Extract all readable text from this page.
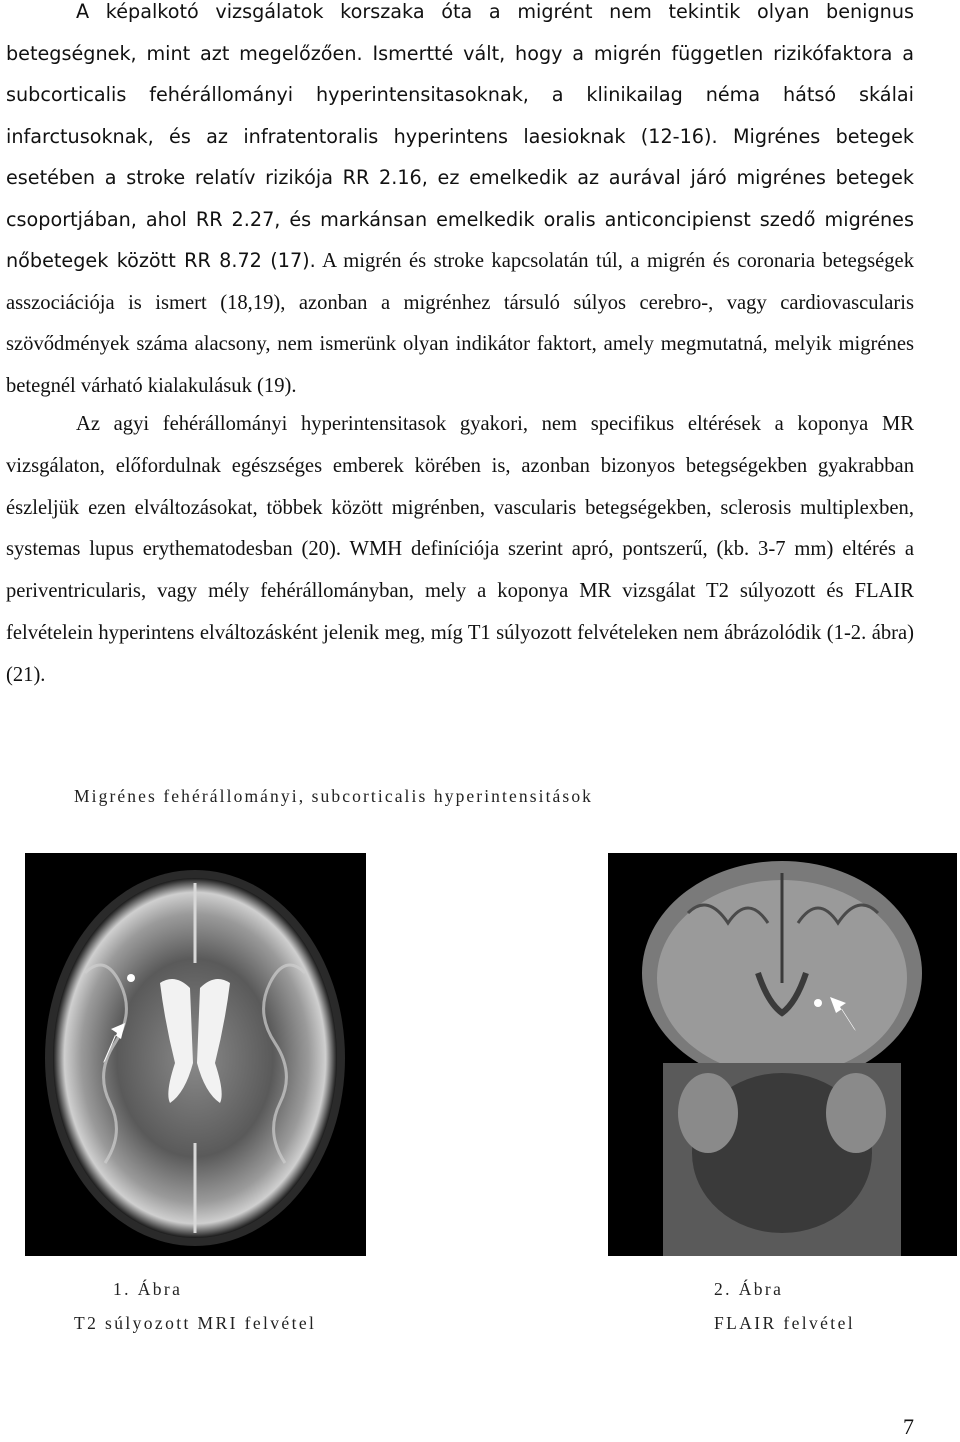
A képalkotó vizsgálatok korszaka óta a migrént nem tekintik olyan benignus betegségnek, mint azt megelőzően. Ismertté vált, hogy a migrén független rizikófaktora a subcorticalis fehérállományi hyperintensitasoknak, a klinikailag néma hátsó skálai infarctusoknak, és az infratentoralis hyperintens laesioknak (12-16). Migrénes betegek esetében a stroke relatív rizikója RR 2.16, ez emelkedik az aurával járó migrénes betegek csoportjában, ahol RR 2.27, és markánsan emelkedik oralis anticoncipienst szedő migrénes nőbetegek között RR 8.72 (17). A migrén és stroke kapcsolatán túl, a migrén és coronaria betegségek asszociációja is ismert (18,19), azonban a migrénhez társuló súlyos cerebro-, vagy cardiovascularis szövődmények száma alacsony, nem ismerünk olyan indikátor faktort, amely megmutatná, melyik migrénes betegnél várható kialakulásuk (19).

Az agyi fehérállományi hyperintensitasok gyakori, nem specifikus eltérések a koponya MR vizsgálaton, előfordulnak egészséges emberek körében is, azonban bizonyos betegségekben gyakrabban észleljük ezen elváltozásokat, többek között migrénben, vascularis betegségekben, sclerosis multiplexben, systemas lupus erythematodesban (20). WMH definíciója szerint apró, pontszerű, (kb. 3-7 mm) eltérés a periventricularis, vagy mély fehérállományban, mely a koponya MR vizsgálat T2 súlyozott és FLAIR felvételein hyperintens elváltozásként jelenik meg, míg T1 súlyozott felvételeken nem ábrázolódik (1-2. ábra)(21).

Migrénes fehérállományi, subcorticalis hyperintensitások
1. Ábra
T2 súlyozott MRI felvétel
2. Ábra
FLAIR felvétel
7
